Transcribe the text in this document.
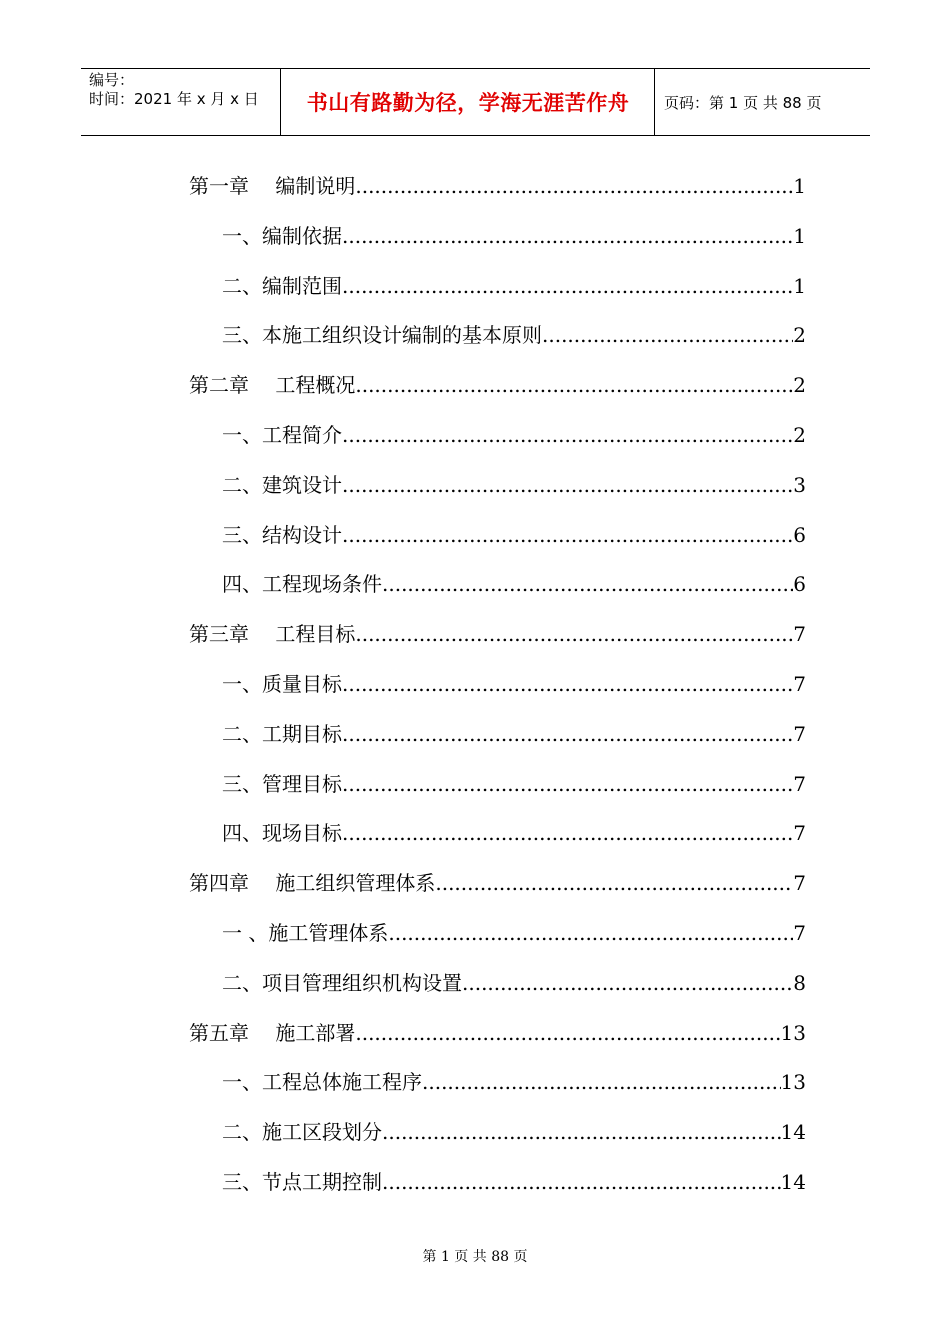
编号：
时间：2021 年 x 月 x 日	书山有路勤为径，学海无涯苦作舟	页码：第 1 页 共 88 页
第一章　 编制说明 .....	1
一、编制依据 .....	1
二、编制范围 .....	1
三、本施工组织设计编制的基本原则 .....	2
第二章　 工程概况 .....	2
一、工程简介 .....	2
二、建筑设计 .....	3
三、结构设计 .....	6
四、工程现场条件 .....	6
第三章　 工程目标 .....	7
一、质量目标 .....	7
二、工期目标 .....	7
三、管理目标 .....	7
四、现场目标 .....	7
第四章　 施工组织管理体系 .....	7
一 、施工管理体系 .....	7
二、项目管理组织机构设置 .....	8
第五章　 施工部署 .....	13
一、工程总体施工程序 .....	13
二、施工区段划分 .....	14
三、节点工期控制 .....	14
第 1 页 共 88 页
